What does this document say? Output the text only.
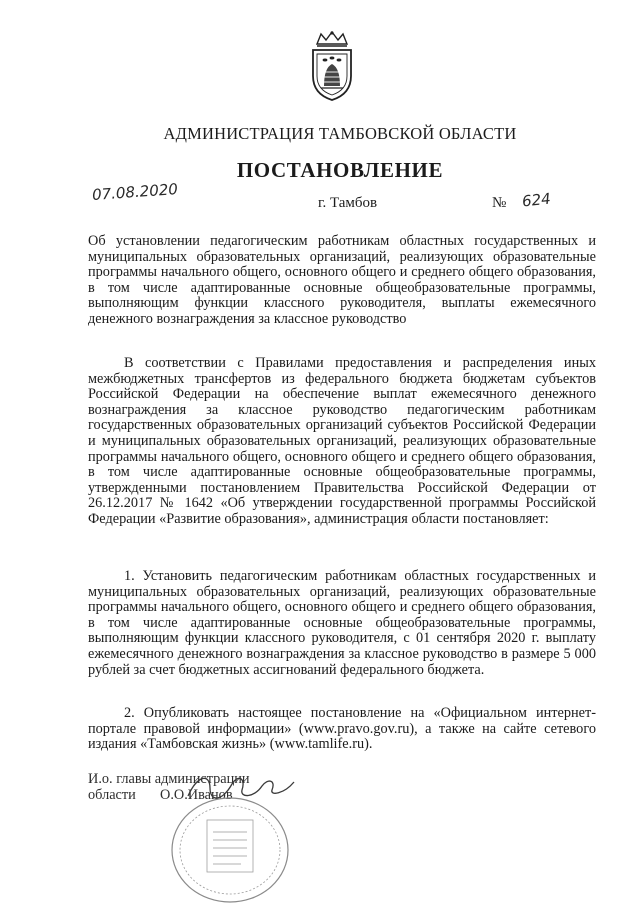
АДМИНИСТРАЦИЯ ТАМБОВСКОЙ ОБЛАСТИ
ПОСТАНОВЛЕНИЕ
07.08.2020	г. Тамбов	№ 624
Об установлении педагогическим работникам областных государственных и муниципальных образовательных организаций, реализующих образовательные программы начального общего, основного общего и среднего общего образования, в том числе адаптированные основные общеобразовательные программы, выполняющим функции классного руководителя, выплаты ежемесячного денежного вознаграждения за классное руководство
В соответствии с Правилами предоставления и распределения иных межбюджетных трансфертов из федерального бюджета бюджетам субъектов Российской Федерации на обеспечение выплат ежемесячного денежного вознаграждения за классное руководство педагогическим работникам государственных образовательных организаций субъектов Российской Федерации и муниципальных образовательных организаций, реализующих образовательные программы начального общего, основного общего и среднего общего образования, в том числе адаптированные основные общеобразовательные программы, утвержденными постановлением Правительства Российской Федерации от 26.12.2017 № 1642 «Об утверждении государственной программы Российской Федерации «Развитие образования», администрация области постановляет:
1. Установить педагогическим работникам областных государственных и муниципальных образовательных организаций, реализующих образовательные программы начального общего, основного общего и среднего общего образования, в том числе адаптированные основные общеобразовательные программы, выполняющим функции классного руководителя, с 01 сентября 2020 г. выплату ежемесячного денежного вознаграждения за классное руководство в размере 5 000 рублей за счет бюджетных ассигнований федерального бюджета.
2. Опубликовать настоящее постановление на «Официальном интернет-портале правовой информации» (www.pravo.gov.ru), а также на сайте сетевого издания «Тамбовская жизнь» (www.tamlife.ru).
И.о. главы администрации
области О.О.Иванов
